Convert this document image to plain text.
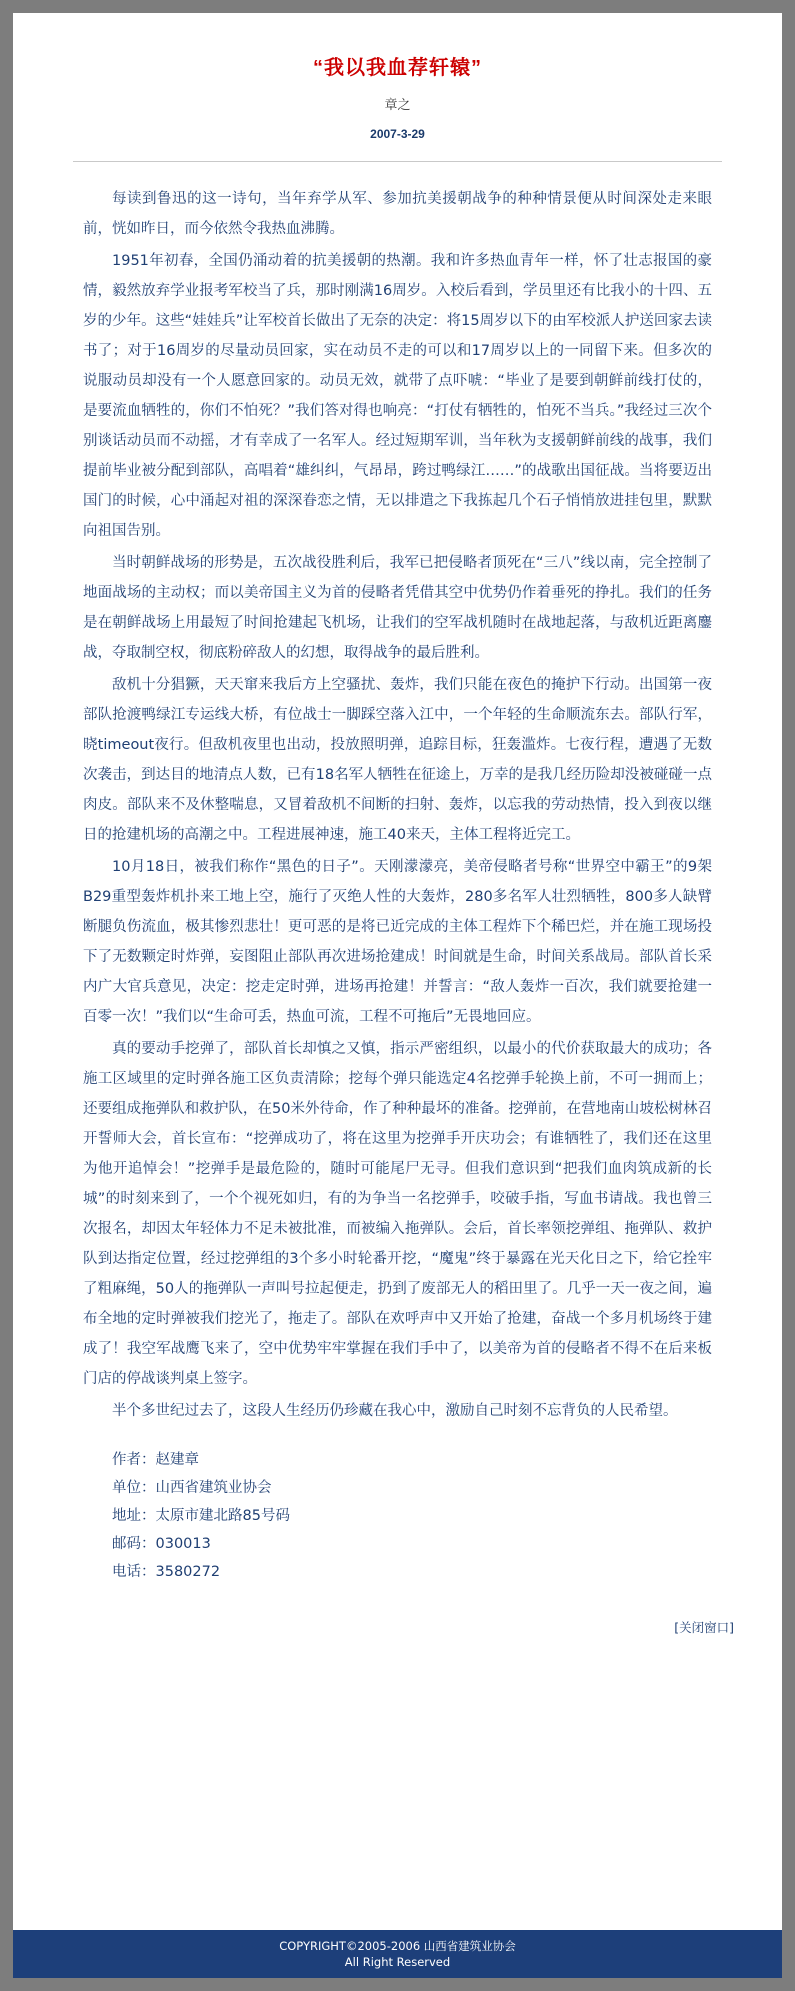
“我以我血荐轩辕”
章之
2007-3-29

每读到鲁迅的这一诗句，当年弃学从军、参加抗美援朝战争的种种情景便从时间深处走来眼前，恍如昨日，而今依然令我热血沸腾。

1951年初春，全国仍涌动着的抗美援朝的热潮。我和许多热血青年一样，怀了壮志报国的豪情，毅然放弃学业报考军校当了兵，那时刚满16周岁。入校后看到，学员里还有比我小的十四、五岁的少年。这些“娃娃兵”让军校首长做出了无奈的决定：将15周岁以下的由军校派人护送回家去读书了；对于16周岁的尽量动员回家，实在动员不走的可以和17周岁以上的一同留下来。但多次的说服动员却没有一个人愿意回家的。动员无效，就带了点吓唬：“毕业了是要到朝鲜前线打仗的，是要流血牺牲的，你们不怕死？”我们答对得也响亮：“打仗有牺牲的，怕死不当兵。”我经过三次个别谈话动员而不动摇，才有幸成了一名军人。经过短期军训，当年秋为支援朝鲜前线的战事，我们提前毕业被分配到部队，高唱着“雄纠纠，气昂昂，跨过鸭绿江……”的战歌出国征战。当将要迈出国门的时候，心中涌起对祖的深深眷恋之情，无以排遣之下我拣起几个石子悄悄放进挂包里，默默向祖国告别。

当时朝鲜战场的形势是，五次战役胜利后，我军已把侵略者顶死在“三八”线以南，完全控制了地面战场的主动权；而以美帝国主义为首的侵略者凭借其空中优势仍作着垂死的挣扎。我们的任务是在朝鲜战场上用最短了时间抢建起飞机场，让我们的空军战机随时在战地起落，与敌机近距离鏖战，夺取制空权，彻底粉碎敌人的幻想，取得战争的最后胜利。

敌机十分猖獗，天天窜来我后方上空骚扰、轰炸，我们只能在夜色的掩护下行动。出国第一夜部队抢渡鸭绿江专运线大桥，有位战士一脚踩空落入江中，一个年轻的生命顺流东去。部队行军，晓timeout夜行。但敌机夜里也出动，投放照明弹，追踪目标，狂轰滥炸。七夜行程，遭遇了无数次袭击，到达目的地清点人数，已有18名军人牺牲在征途上，万幸的是我几经历险却没被碰碰一点肉皮。部队来不及休整喘息，又冒着敌机不间断的扫射、轰炸，以忘我的劳动热情，投入到夜以继日的抢建机场的高潮之中。工程进展神速，施工40来天，主体工程将近完工。

10月18日，被我们称作“黑色的日子”。天刚濛濛亮，美帝侵略者号称“世界空中霸王”的9架B29重型轰炸机扑来工地上空，施行了灭绝人性的大轰炸，280多名军人壮烈牺牲，800多人缺臂断腿负伤流血，极其惨烈悲壮！更可恶的是将已近完成的主体工程炸下个稀巴烂，并在施工现场投下了无数颗定时炸弹，妄图阻止部队再次进场抢建成！时间就是生命，时间关系战局。部队首长采内广大官兵意见，决定：挖走定时弹，进场再抢建！并誓言：“敌人轰炸一百次，我们就要抢建一百零一次！”我们以“生命可丢，热血可流，工程不可拖后”无畏地回应。

真的要动手挖弹了，部队首长却慎之又慎，指示严密组织，以最小的代价获取最大的成功；各施工区域里的定时弹各施工区负责清除；挖每个弹只能选定4名挖弹手轮换上前，不可一拥而上；还要组成拖弹队和救护队，在50米外待命，作了种种最坏的准备。挖弹前，在营地南山坡松树林召开誓师大会，首长宣布：“挖弹成功了，将在这里为挖弹手开庆功会；有谁牺牲了，我们还在这里为他开追悼会！”挖弹手是最危险的，随时可能尾尸无寻。但我们意识到“把我们血肉筑成新的长城”的时刻来到了，一个个视死如归，有的为争当一名挖弹手，咬破手指，写血书请战。我也曾三次报名，却因太年轻体力不足未被批准，而被编入拖弹队。会后，首长率领挖弹组、拖弹队、救护队到达指定位置，经过挖弹组的3个多小时轮番开挖，“魔鬼”终于暴露在光天化日之下，给它拴牢了粗麻绳，50人的拖弹队一声叫号拉起便走，扔到了废部无人的稻田里了。几乎一天一夜之间，遍布全地的定时弹被我们挖光了，拖走了。部队在欢呼声中又开始了抢建，奋战一个多月机场终于建成了！我空军战鹰飞来了，空中优势牢牢掌握在我们手中了，以美帝为首的侵略者不得不在后来板门店的停战谈判桌上签字。

半个多世纪过去了，这段人生经历仍珍藏在我心中，激励自己时刻不忘背负的人民希望。

作者：赵建章

单位：山西省建筑业协会

地址：太原市建北路85号码

邮码：030013

电话：3580272

[关闭窗口]
COPYRIGHT©2005-2006 山西省建筑业协会
All Right Reserved
